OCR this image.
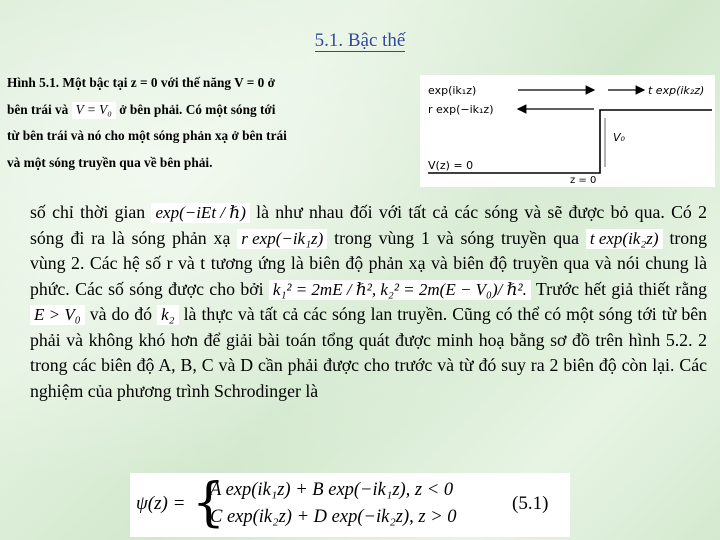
5.1. Bậc thế
Hình 5.1. Một bậc tại z = 0 với thế năng V = 0 ở
bên trái và V = V₀ ở bên phải. Có một sóng tới
từ bên trái và nó cho một sóng phản xạ ở bên trái
và một sóng truyền qua về bên phải.
exp(ik₁z)
r exp(−ik₁z)
t exp(ik₂z)
V₀
V(z) = 0
z = 0

số chỉ thời gian exp(−iEt / ℏ) là như nhau đối với tất cả các sóng và sẽ được bỏ qua. Có 2 sóng đi ra là sóng phản xạ r exp(−ik₁z) trong vùng 1 và sóng truyền qua t exp(ik₂z) trong vùng 2. Các hệ số r và t tương ứng là biên độ phản xạ và biên độ truyền qua và nói chung là phức. Các số sóng được cho bởi k₁² = 2mE / ℏ², k₂² = 2m(E − V₀)/ ℏ². Trước hết giả thiết rằng E > V₀ và do đó k₂ là thực và tất cả các sóng lan truyền. Cũng có thể có một sóng tới từ bên phải và không khó hơn để giải bài toán tổng quát được minh hoạ bằng sơ đồ trên hình 5.2. 2 trong các biên độ A, B, C và D cần phải được cho trước và từ đó suy ra 2 biên độ còn lại. Các nghiệm của phương trình Schrodinger là

ψ(z) = {
A exp(ik₁z) + B exp(−ik₁z), z < 0
C exp(ik₂z) + D exp(−ik₂z), z > 0
(5.1)
